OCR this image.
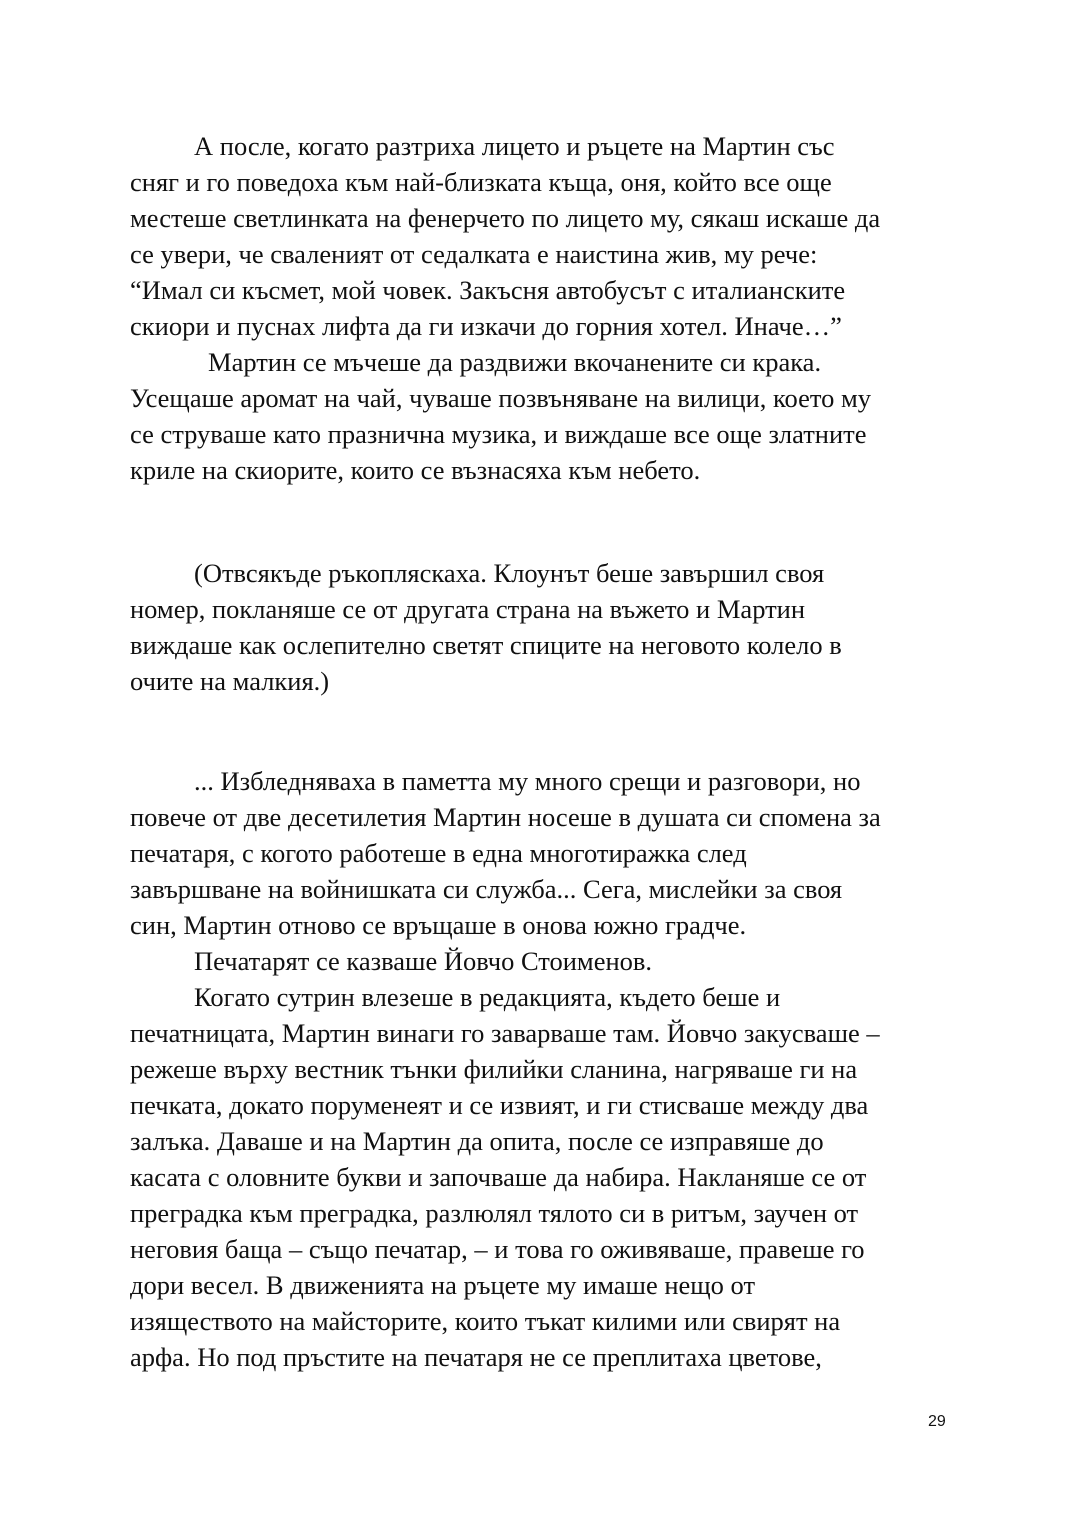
А после, когато разтриха лицето и ръцете на Мартин със
сняг и го поведоха към най-близката къща, оня, който все още
местеше светлинката на фенерчето по лицето му, сякаш искаше да
се увери, че сваленият от седалката е наистина жив, му рече:
“Имал си късмет, мой човек. Закъсня автобусът с италианските
скиори и пуснах лифта да ги изкачи до горния хотел. Иначе…”
Мартин се мъчеше да раздвижи вкочанените си крака.
Усещаше аромат на чай, чуваше позвъняване на вилици, което му
се струваше като празнична музика, и виждаше все още златните
криле на скиорите, които се възнасяха към небето.
(Отвсякъде ръкопляскаха. Клоунът беше завършил своя
номер, покланяше се от другата страна на въжето и Мартин
виждаше как ослепително светят спиците на неговото колело в
очите на малкия.)
... Избледняваха в паметта му много срещи и разговори, но
повече от две десетилетия Мартин носеше в душата си спомена за
печатаря, с когото работеше в една многотиражка след
завършване на войнишката си служба... Сега, мислейки за своя
син, Мартин отново се връщаше в онова южно градче.
Печатарят се казваше Йовчо Стоименов.
Когато сутрин влезеше в редакцията, където беше и
печатницата, Мартин винаги го заварваше там. Йовчо закусваше –
режеше върху вестник тънки филийки сланина, нагряваше ги на
печката, докато поруменеят и се извият, и ги стисваше между два
залъка. Даваше и на Мартин да опита, после се изправяше до
касата с оловните букви и започваше да набира. Накланяше се от
преградка към преградка, разлюлял тялото си в ритъм, заучен от
неговия баща – също печатар, – и това го оживяваше, правеше го
дори весел. В движенията на ръцете му имаше нещо от
изяществото на майсторите, които тъкат килими или свирят на
арфа. Но под пръстите на печатаря не се преплитаха цветове,
29
